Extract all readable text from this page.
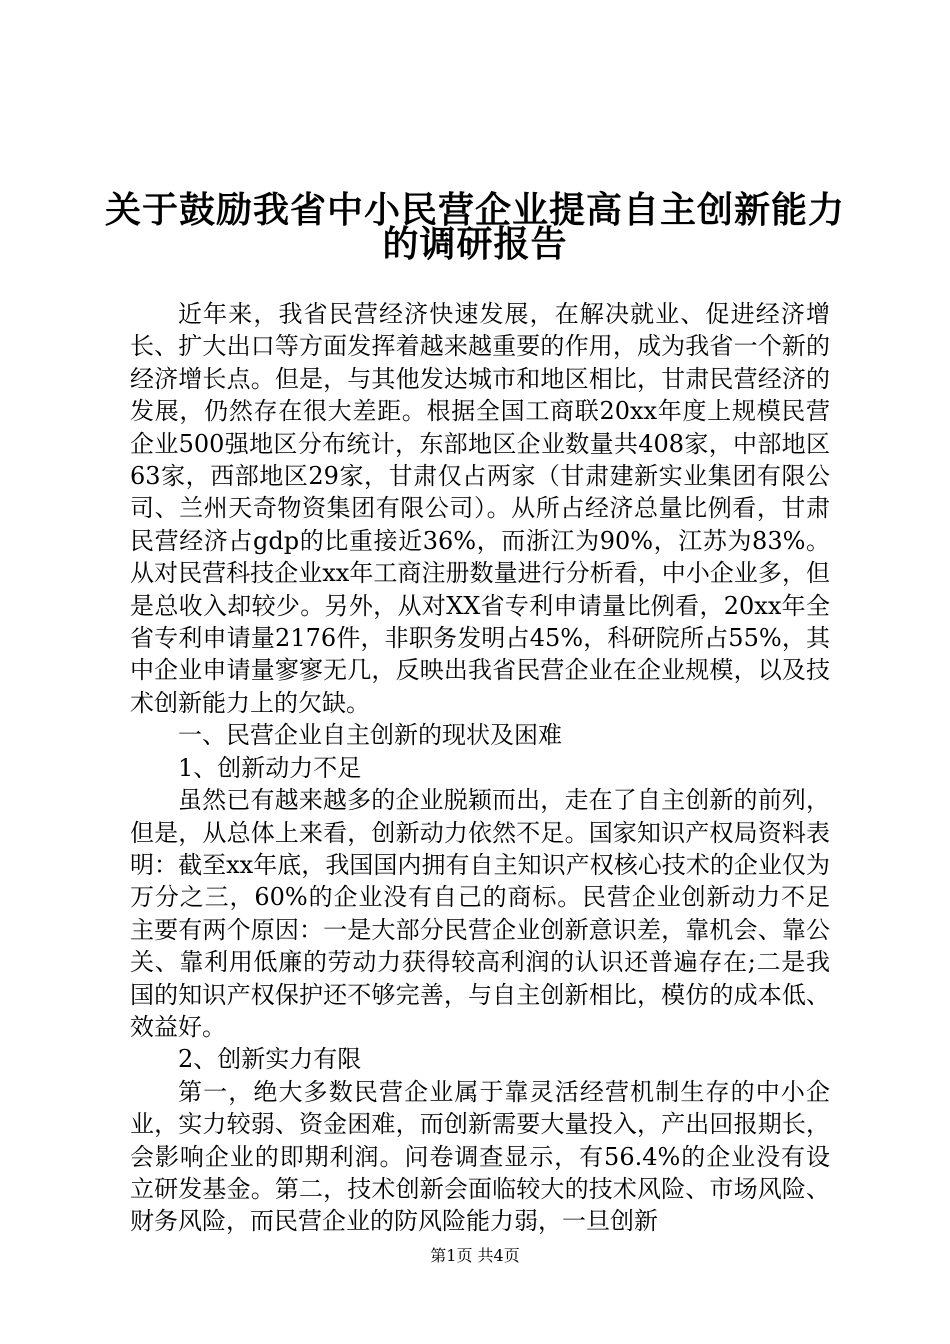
关于鼓励我省中小民营企业提高自主创新能力
的调研报告

近年来，我省民营经济快速发展，在解决就业、促进经济增长、扩大出口等方面发挥着越来越重要的作用，成为我省一个新的经济增长点。但是，与其他发达城市和地区相比，甘肃民营经济的发展，仍然存在很大差距。根据全国工商联20xx年度上规模民营企业500强地区分布统计，东部地区企业数量共408家，中部地区63家，西部地区29家，甘肃仅占两家（甘肃建新实业集团有限公司、兰州天奇物资集团有限公司）。从所占经济总量比例看，甘肃民营经济占gdp的比重接近36%，而浙江为90%，江苏为83%。从对民营科技企业xx年工商注册数量进行分析看，中小企业多，但是总收入却较少。另外，从对XX省专利申请量比例看，20xx年全省专利申请量2176件，非职务发明占45%，科研院所占55%，其中企业申请量寥寥无几，反映出我省民营企业在企业规模，以及技术创新能力上的欠缺。

一、民营企业自主创新的现状及困难

1、创新动力不足

虽然已有越来越多的企业脱颖而出，走在了自主创新的前列，但是，从总体上来看，创新动力依然不足。国家知识产权局资料表明：截至xx年底，我国国内拥有自主知识产权核心技术的企业仅为万分之三，60%的企业没有自己的商标。民营企业创新动力不足主要有两个原因：一是大部分民营企业创新意识差，靠机会、靠公关、靠利用低廉的劳动力获得较高利润的认识还普遍存在;二是我国的知识产权保护还不够完善，与自主创新相比，模仿的成本低、效益好。

2、创新实力有限

第一，绝大多数民营企业属于靠灵活经营机制生存的中小企业，实力较弱、资金困难，而创新需要大量投入，产出回报期长，会影响企业的即期利润。问卷调查显示，有56.4%的企业没有设立研发基金。第二，技术创新会面临较大的技术风险、市场风险、财务风险，而民营企业的防风险能力弱，一旦创新

第1页 共4页
